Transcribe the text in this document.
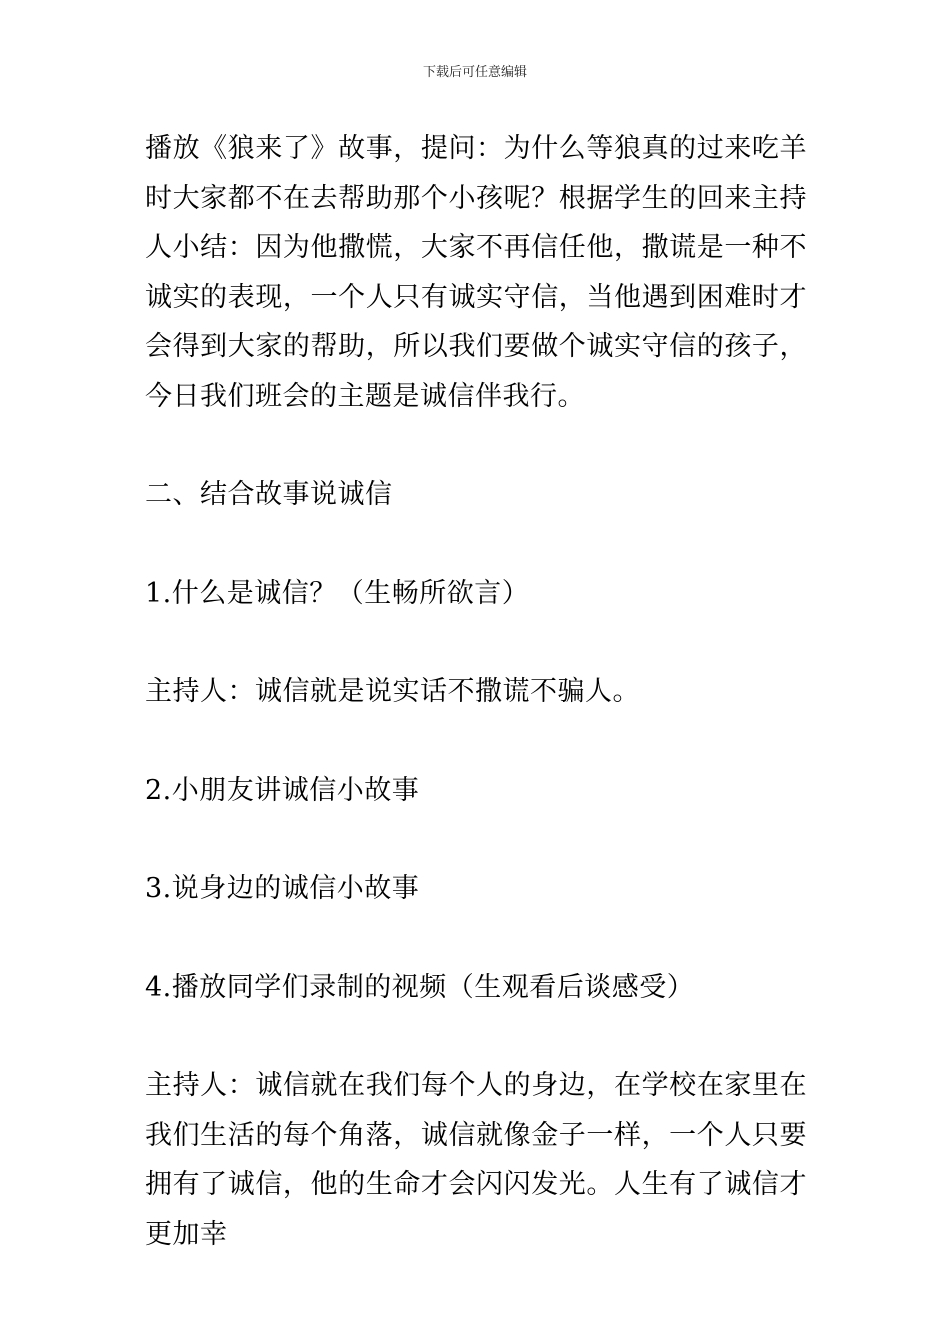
下载后可任意编辑

播放《狼来了》故事，提问：为什么等狼真的过来吃羊时大家都不在去帮助那个小孩呢？根据学生的回来主持人小结：因为他撒慌，大家不再信任他，撒谎是一种不诚实的表现，一个人只有诚实守信，当他遇到困难时才会得到大家的帮助，所以我们要做个诚实守信的孩子，今日我们班会的主题是诚信伴我行。

二、结合故事说诚信

1.什么是诚信？（生畅所欲言）

主持人：诚信就是说实话不撒谎不骗人。

2.小朋友讲诚信小故事

3.说身边的诚信小故事

4.播放同学们录制的视频（生观看后谈感受）

主持人：诚信就在我们每个人的身边，在学校在家里在我们生活的每个角落，诚信就像金子一样，一个人只要拥有了诚信，他的生命才会闪闪发光。人生有了诚信才更加幸
